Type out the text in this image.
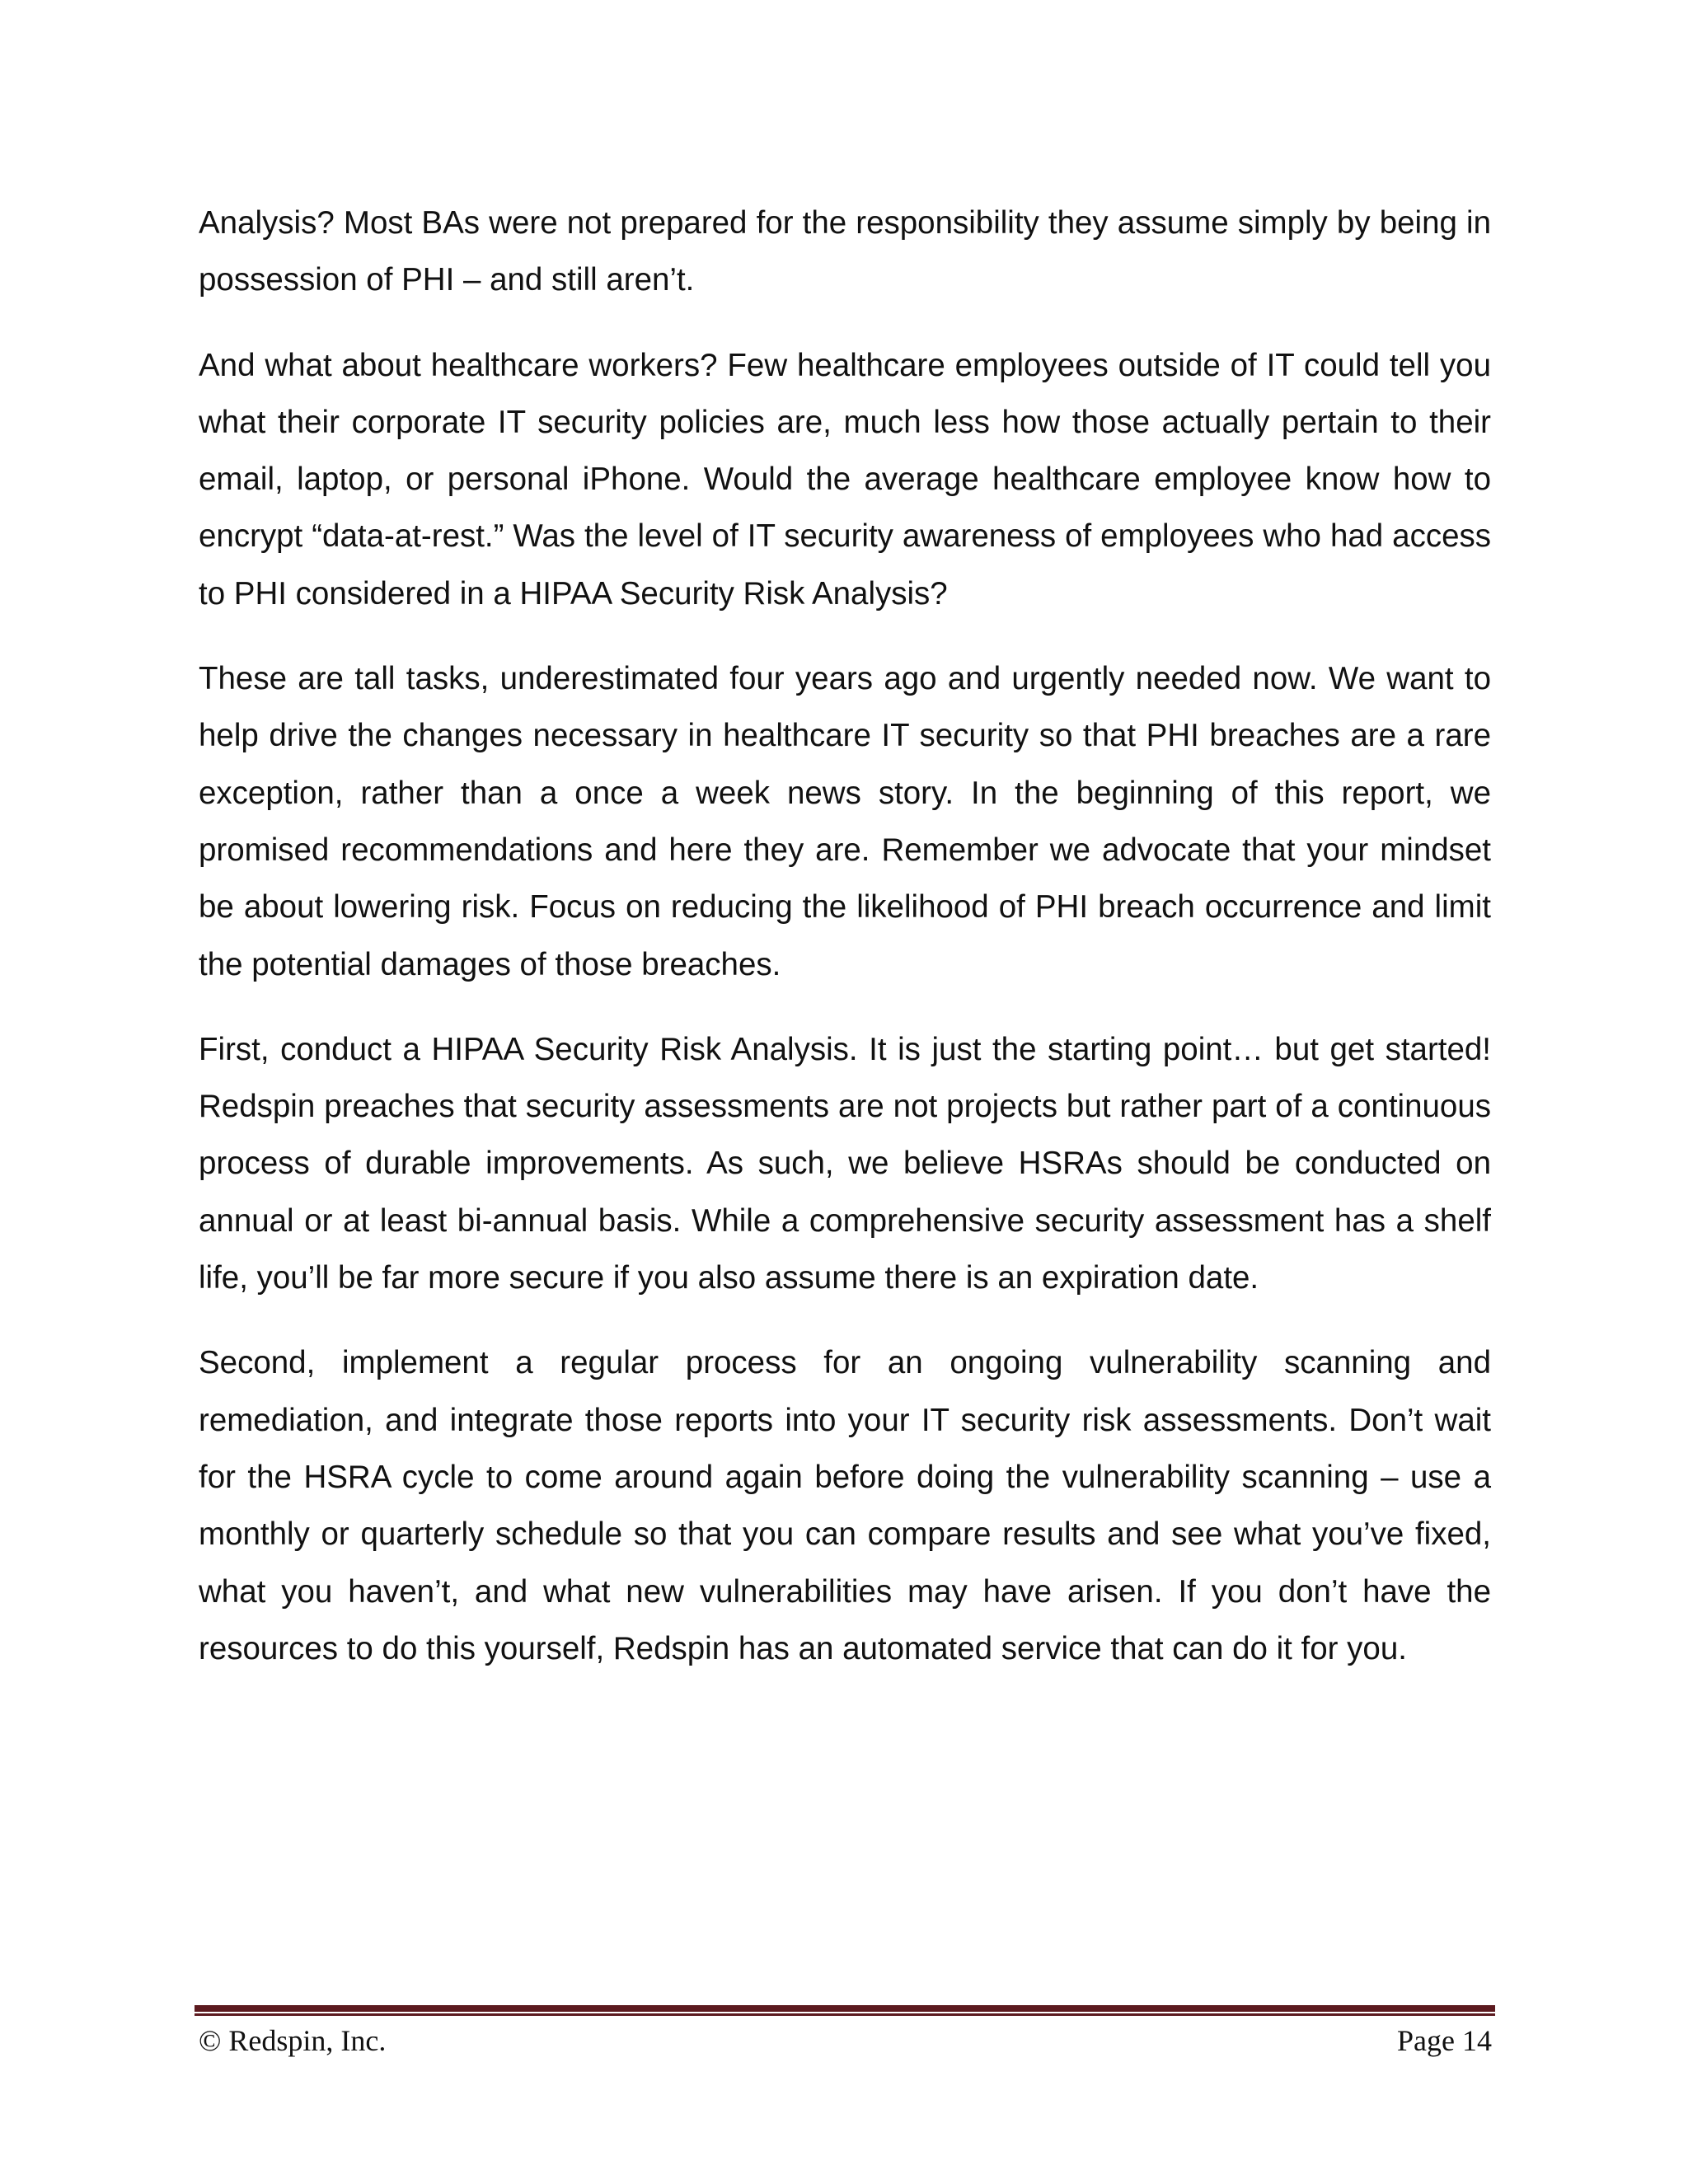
Analysis? Most BAs were not prepared for the responsibility they assume simply by being in possession of PHI – and still aren’t.

And what about healthcare workers? Few healthcare employees outside of IT could tell you what their corporate IT security policies are, much less how those actually pertain to their email, laptop, or personal iPhone. Would the average healthcare employee know how to encrypt “data-at-rest.” Was the level of IT security awareness of employees who had access to PHI considered in a HIPAA Security Risk Analysis?

These are tall tasks, underestimated four years ago and urgently needed now. We want to help drive the changes necessary in healthcare IT security so that PHI breaches are a rare exception, rather than a once a week news story. In the beginning of this report, we promised recommendations and here they are. Remember we advocate that your mindset be about lowering risk. Focus on reducing the likelihood of PHI breach occurrence and limit the potential damages of those breaches.

First, conduct a HIPAA Security Risk Analysis. It is just the starting point… but get started! Redspin preaches that security assessments are not projects but rather part of a continuous process of durable improvements. As such, we believe HSRAs should be conducted on annual or at least bi-annual basis. While a comprehensive security assessment has a shelf life, you’ll be far more secure if you also assume there is an expiration date.

Second, implement a regular process for an ongoing vulnerability scanning and remediation, and integrate those reports into your IT security risk assessments. Don’t wait for the HSRA cycle to come around again before doing the vulnerability scanning – use a monthly or quarterly schedule so that you can compare results and see what you’ve fixed, what you haven’t, and what new vulnerabilities may have arisen. If you don’t have the resources to do this yourself, Redspin has an automated service that can do it for you.

© Redspin, Inc.	Page 14
